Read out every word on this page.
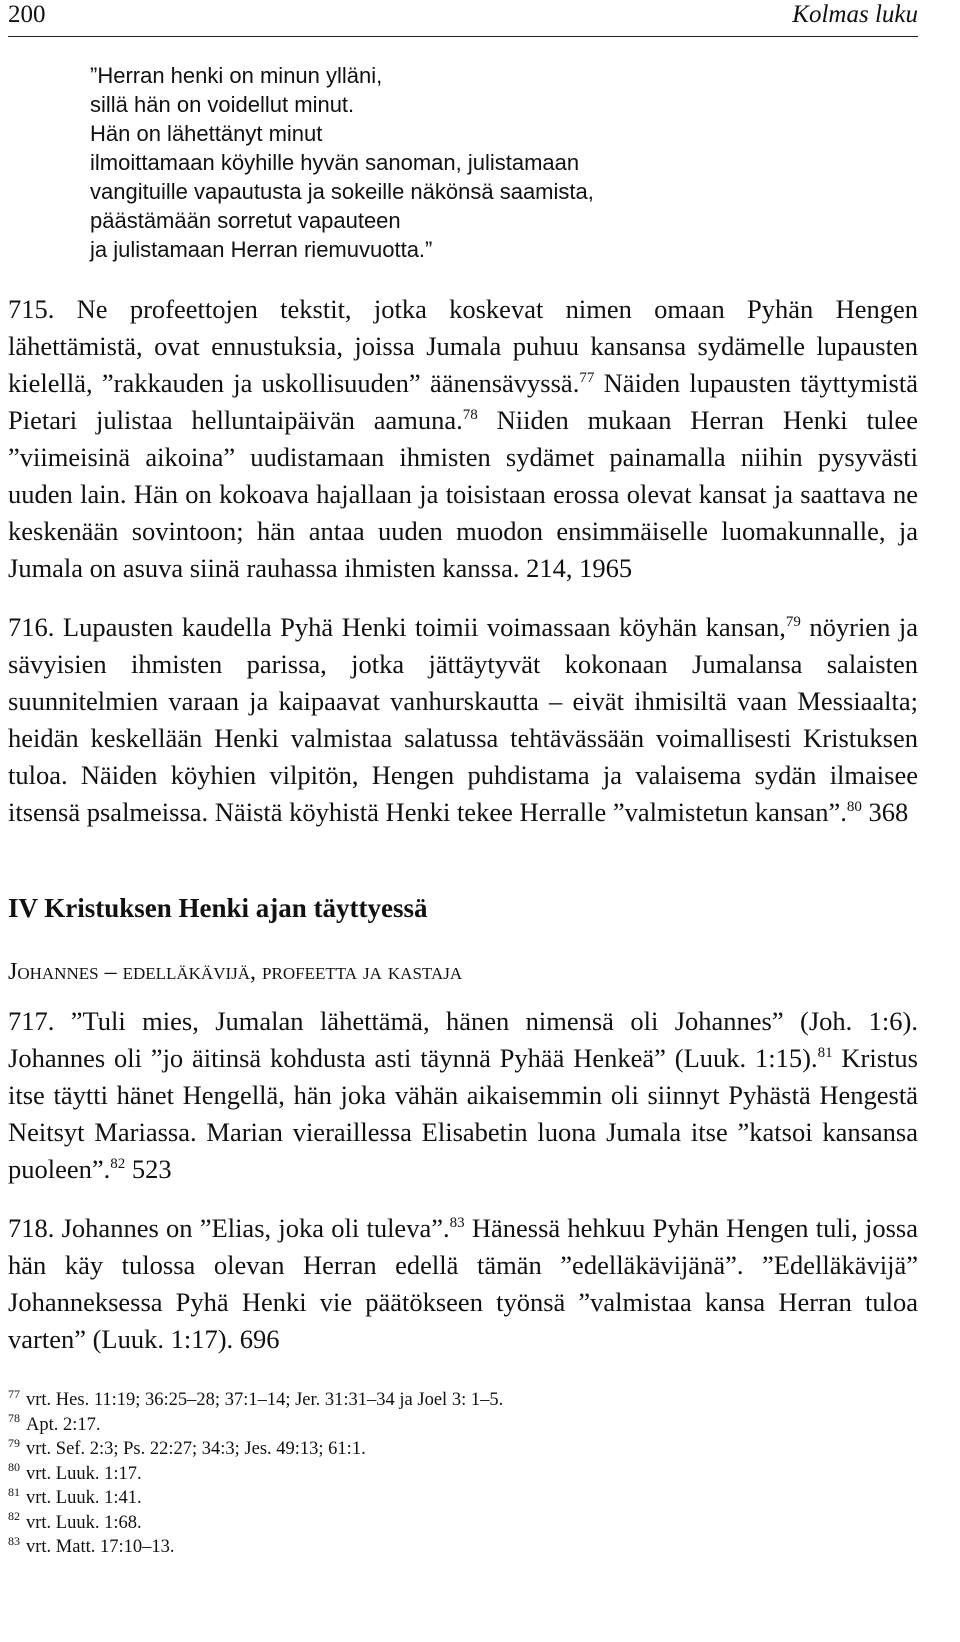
200	Kolmas luku
”Herran henki on minun ylläni,
sillä hän on voidellut minut.
Hän on lähettänyt minut
ilmoittamaan köyhille hyvän sanoman, julistamaan
vangituille vapautusta ja sokeille näkönsä saamista,
päästämään sorretut vapauteen
ja julistamaan Herran riemuvuotta.”

715. Ne profeettojen tekstit, jotka koskevat nimen omaan Pyhän Hengen lähettämistä, ovat ennustuksia, joissa Jumala puhuu kansansa sydämelle lupausten kielellä, ”rakkauden ja uskollisuuden” äänensävyssä.$^{77}$ Näiden lupausten täyttymistä Pietari julistaa helluntaipäivän aamuna.$^{78}$ Niiden mukaan Herran Henki tulee ”viimeisinä aikoina” uudistamaan ihmisten sydämet painamalla niihin pysyvästi uuden lain. Hän on kokoava hajallaan ja toisistaan erossa olevat kansat ja saattava ne keskenään sovintoon; hän antaa uuden muodon ensimmäiselle luomakunnalle, ja Jumala on asuva siinä rauhassa ihmisten kanssa. 214, 1965

716. Lupausten kaudella Pyhä Henki toimii voimassaan köyhän kansan,$^{79}$ nöyrien ja sävyisien ihmisten parissa, jotka jättäytyvät kokonaan Jumalansa salaisten suunnitelmien varaan ja kaipaavat vanhurskautta – eivät ihmisiltä vaan Messiaalta; heidän keskellään Henki valmistaa salatussa tehtävässään voimallisesti Kristuksen tuloa. Näiden köyhien vilpitön, Hengen puhdistama ja valaisema sydän ilmaisee itsensä psalmeissa. Näistä köyhistä Henki tekee Herralle ”valmistetun kansan”.$^{80}$ 368

IV Kristuksen Henki ajan täyttyessä
Johannes – edelläkävijä, profeetta ja kastaja

717. ”Tuli mies, Jumalan lähettämä, hänen nimensä oli Johannes” (Joh. 1:6). Johannes oli ”jo äitinsä kohdusta asti täynnä Pyhää Henkeä” (Luuk. 1:15).$^{81}$ Kristus itse täytti hänet Hengellä, hän joka vähän aikaisemmin oli siinnyt Pyhästä Hengestä Neitsyt Mariassa. Marian vieraillessa Elisabetin luona Jumala itse ”katsoi kansansa puoleen”.$^{82}$ 523

718. Johannes on ”Elias, joka oli tuleva”.$^{83}$ Hänessä hehkuu Pyhän Hengen tuli, jossa hän käy tulossa olevan Herran edellä tämän ”edelläkävijänä”. ”Edelläkävijä” Johanneksessa Pyhä Henki vie päätökseen työnsä ”valmistaa kansa Herran tuloa varten” (Luuk. 1:17). 696

$^{77}$ vrt. Hes. 11:19; 36:25–28; 37:1–14; Jer. 31:31–34 ja Joel 3: 1–5.
$^{78}$ Apt. 2:17.
$^{79}$ vrt. Sef. 2:3; Ps. 22:27; 34:3; Jes. 49:13; 61:1.
$^{80}$ vrt. Luuk. 1:17.
$^{81}$ vrt. Luuk. 1:41.
$^{82}$ vrt. Luuk. 1:68.
$^{83}$ vrt. Matt. 17:10–13.
